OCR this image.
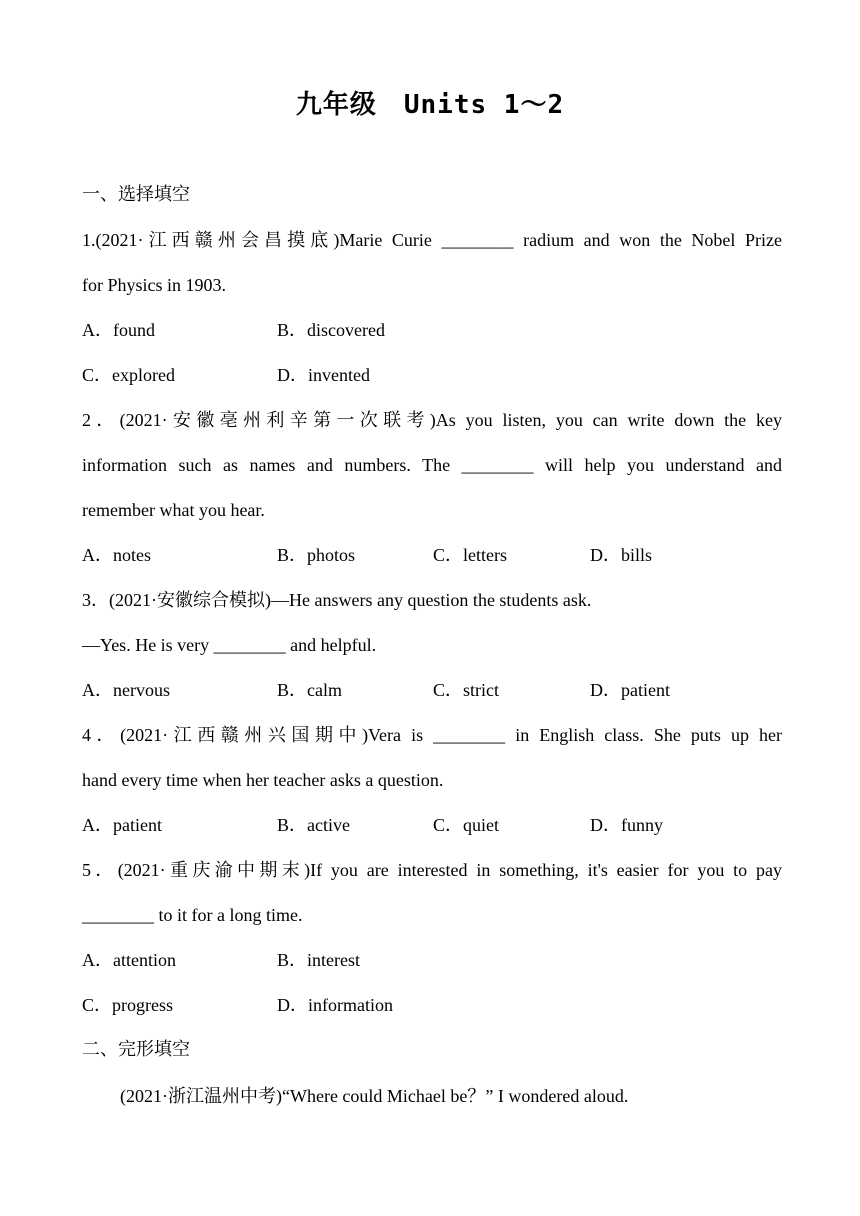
九年级　Units 1～2
一、选择填空
1.(2021·江西赣州会昌摸底)Marie Curie ________ radium and won the Nobel Prize
for Physics in 1903.
A．found	B．discovered
C．explored	D．invented
2．(2021·安徽亳州利辛第一次联考)As you listen, you can write down the key
information such as names and numbers. The ________ will help you understand and
remember what you hear.
A．notes	B．photos	C．letters	D．bills
3．(2021·安徽综合模拟)—He answers any question the students ask.
—Yes. He is very ________ and helpful.
A．nervous	B．calm	C．strict	D．patient
4．(2021·江西赣州兴国期中)Vera is ________ in English class. She puts up her
hand every time when her teacher asks a question.
A．patient	B．active	C．quiet	D．funny
5．(2021·重庆渝中期末)If you are interested in something, it's easier for you to pay
________ to it for a long time.
A．attention	B．interest
C．progress	D．information
二、完形填空
(2021·浙江温州中考)“Where could Michael be？” I wondered aloud.
